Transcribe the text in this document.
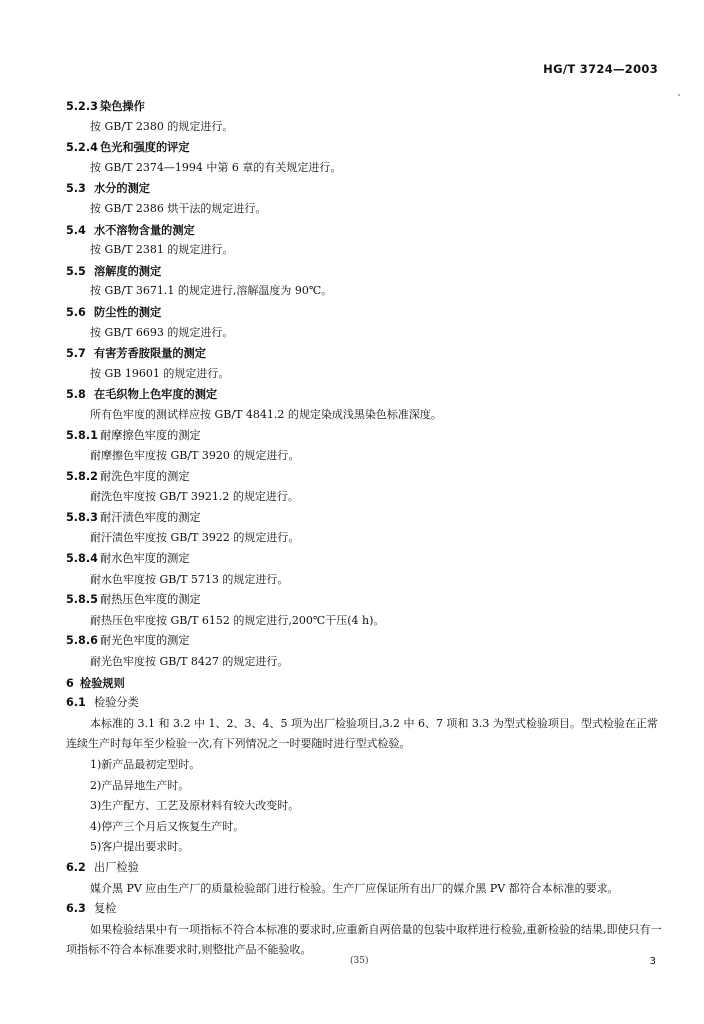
HG/T 3724—2003
5.2.3 染色操作
按 GB/T 2380 的规定进行。
5.2.4 色光和强度的评定
按 GB/T 2374—1994 中第 6 章的有关规定进行。
5.3 水分的测定
按 GB/T 2386 烘干法的规定进行。
5.4 水不溶物含量的测定
按 GB/T 2381 的规定进行。
5.5 溶解度的测定
按 GB/T 3671.1 的规定进行,溶解温度为 90℃。
5.6 防尘性的测定
按 GB/T 6693 的规定进行。
5.7 有害芳香胺限量的测定
按 GB 19601 的规定进行。
5.8 在毛织物上色牢度的测定
所有色牢度的测试样应按 GB/T 4841.2 的规定染成浅黑染色标准深度。
5.8.1 耐摩擦色牢度的测定
耐摩擦色牢度按 GB/T 3920 的规定进行。
5.8.2 耐洗色牢度的测定
耐洗色牢度按 GB/T 3921.2 的规定进行。
5.8.3 耐汗渍色牢度的测定
耐汗渍色牢度按 GB/T 3922 的规定进行。
5.8.4 耐水色牢度的测定
耐水色牢度按 GB/T 5713 的规定进行。
5.8.5 耐热压色牢度的测定
耐热压色牢度按 GB/T 6152 的规定进行,200℃干压(4 h)。
5.8.6 耐光色牢度的测定
耐光色牢度按 GB/T 8427 的规定进行。
6 检验规则
6.1 检验分类
本标准的 3.1 和 3.2 中 1、2、3、4、5 项为出厂检验项目,3.2 中 6、7 项和 3.3 为型式检验项目。型式检验在正常连续生产时每年至少检验一次,有下列情况之一时要随时进行型式检验。
1)新产品最初定型时。
2)产品异地生产时。
3)生产配方、工艺及原材料有较大改变时。
4)停产三个月后又恢复生产时。
5)客户提出要求时。
6.2 出厂检验
媒介黑 PV 应由生产厂的质量检验部门进行检验。生产厂应保证所有出厂的媒介黑 PV 都符合本标准的要求。
6.3 复检
如果检验结果中有一项指标不符合本标准的要求时,应重新自两倍量的包装中取样进行检验,重新检验的结果,即使只有一项指标不符合本标准要求时,则整批产品不能验收。
(35)	3
